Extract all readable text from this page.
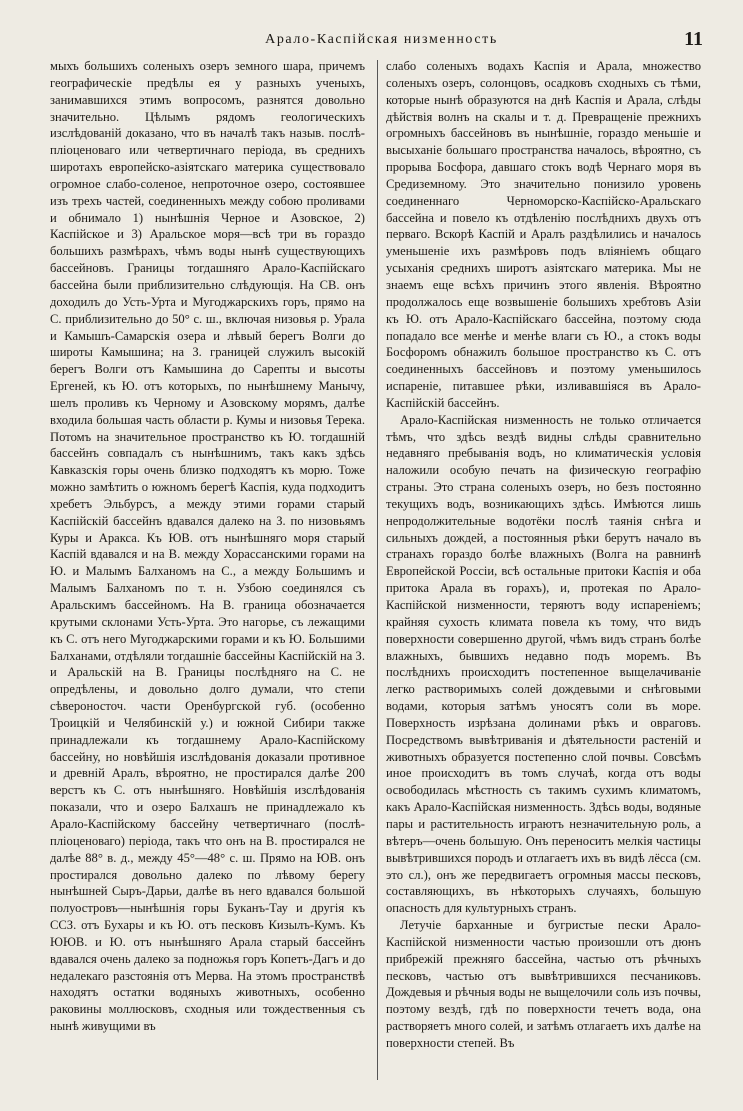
Арало-Каспійская низменность	11

мыхъ большихъ соленыхъ озеръ земного шара, причемъ географическіе предѣлы ея у разныхъ ученыхъ, занимавшихся этимъ вопросомъ, разнятся довольно значительно. Цѣлымъ рядомъ геологическихъ изслѣдованій доказано, что въ началѣ такъ назыв. послѣ-пліоценоваго или четвертичнаго періода, въ среднихъ широтахъ европейско-азіятскаго материка существовало огромное слабо-соленое, непроточное озеро, состоявшее изъ трехъ частей, соединенныхъ между собою проливами и обнимало 1) нынѣшнія Черное и Азовское, 2) Каспійское и 3) Аральское моря—всѣ три въ гораздо большихъ размѣрахъ, чѣмъ воды нынѣ существующихъ бассейновъ. Границы тогдашняго Арало-Каспійскаго бассейна были приблизительно слѣдующія. На СВ. онъ доходилъ до Усть-Урта и Мугоджарскихъ горъ, прямо на С. приблизительно до 50° с. ш., включая низовья р. Урала и Камышъ-Самарскія озера и лѣвый берегъ Волги до широты Камышина; на З. границей служилъ высокій берегъ Волги отъ Камышина до Сарепты и высоты Ергеней, къ Ю. отъ которыхъ, по нынѣшнему Манычу, шелъ проливъ къ Черному и Азовскому морямъ, далѣе входила большая часть области р. Кумы и низовья Терека. Потомъ на значительное пространство къ Ю. тогдашній бассейнъ совпадалъ съ нынѣшнимъ, такъ какъ здѣсь Кавказскія горы очень близко подходятъ къ морю. Тоже можно замѣтить о южномъ берегѣ Каспія, куда подходитъ хребетъ Эльбурсъ, а между этими горами старый Каспійскій бассейнъ вдавался далеко на З. по низовьямъ Куры и Аракса. Къ ЮВ. отъ нынѣшняго моря старый Каспій вдавался и на В. между Хорассанскими горами на Ю. и Малымъ Балханомъ на С., а между Большимъ и Малымъ Балханомъ по т. н. Узбою соединялся съ Аральскимъ бассейномъ. На В. граница обозначается крутыми склонами Усть-Урта. Это нагорье, съ лежащими къ С. отъ него Мугоджарскими горами и къ Ю. Большими Балханами, отдѣляли тогдашніе бассейны Каспійскій на З. и Аральскій на В. Границы послѣдняго на С. не опредѣлены, и довольно долго думали, что степи сѣвероносточ. части Оренбургской губ. (особенно Троицкій и Челябинскій у.) и южной Сибири также принадлежали къ тогдашнему Арало-Каспійскому бассейну, но новѣйшія изслѣдованія доказали противное и древній Аралъ, вѣроятно, не простирался далѣе 200 верстъ къ С. отъ нынѣшняго. Новѣйшія изслѣдованія показали, что и озеро Балхашъ не принадлежало къ Арало-Каспійскому бассейну четвертичнаго (послѣ-пліоценоваго) періода, такъ что онъ на В. простирался не далѣе 88° в. д., между 45°—48° с. ш. Прямо на ЮВ. онъ простирался довольно далеко по лѣвому берегу нынѣшней Сыръ-Дарьи, далѣе въ него вдавался большой полуостровъ—нынѣшнія горы Буканъ-Тау и другія къ ССЗ. отъ Бухары и къ Ю. отъ песковъ Кизылъ-Кумъ. Къ ЮЮВ. и Ю. отъ нынѣшняго Арала старый бассейнъ вдавался очень далеко за подножья горъ Копетъ-Дагъ и до недалекаго разстоянія отъ Мерва. На этомъ пространствѣ находятъ остатки водяныхъ животныхъ, особенно раковины моллюсковъ, сходныя или тождественныя съ нынѣ живущими въ

слабо соленыхъ водахъ Каспія и Арала, множество соленыхъ озеръ, солонцовъ, осадковъ сходныхъ съ тѣми, которые нынѣ образуются на днѣ Каспія и Арала, слѣды дѣйствія волнъ на скалы и т. д. Превращеніе прежнихъ огромныхъ бассейновъ въ нынѣшніе, гораздо меньшіе и высыханіе большаго пространства началось, вѣроятно, съ прорыва Босфора, давшаго стокъ водѣ Чернаго моря въ Средиземному. Это значительно понизило уровень соединеннаго Черноморско-Каспійско-Аральскаго бассейна и повело къ отдѣленію послѣднихъ двухъ отъ перваго. Вскорѣ Каспій и Аралъ раздѣлились и началось уменьшеніе ихъ размѣровъ подъ вліяніемъ общаго усыханія среднихъ широтъ азіятскаго материка. Мы не знаемъ еще всѣхъ причинъ этого явленія. Вѣроятно продолжалось еще возвышеніе большихъ хребтовъ Азіи къ Ю. отъ Арало-Каспійскаго бассейна, поэтому сюда попадало все менѣе и менѣе влаги съ Ю., а стокъ воды Босфоромъ обнажилъ большое пространство къ С. отъ соединенныхъ бассейновъ и поэтому уменьшилось испареніе, питавшее рѣки, изливавшіяся въ Арало-Каспійскій бассейнъ.

Арало-Каспійская низменность не только отличается тѣмъ, что здѣсь вездѣ видны слѣды сравнительно недавняго пребыванія водъ, но климатическія условія наложили особую печать на физическую географію страны. Это страна соленыхъ озеръ, но безъ постоянно текущихъ водъ, возникающихъ здѣсь. Имѣются лишь непродолжительные водотёки послѣ таянія снѣга и сильныхъ дождей, а постоянныя рѣки берутъ начало въ странахъ гораздо болѣе влажныхъ (Волга на равнинѣ Европейской Россіи, всѣ остальные притоки Каспія и оба притока Арала въ горахъ), и, протекая по Арало-Каспійской низменности, теряютъ воду испареніемъ; крайняя сухость климата повела къ тому, что видъ поверхности совершенно другой, чѣмъ видъ странъ болѣе влажныхъ, бывшихъ недавно подъ моремъ. Въ послѣднихъ происходитъ постепенное выщелачиваніе легко растворимыхъ солей дождевыми и снѣговыми водами, которыя затѣмъ уносятъ соли въ море. Поверхность изрѣзана долинами рѣкъ и овраговъ. Посредствомъ вывѣтриванія и дѣятельности растеній и животныхъ образуется постепенно слой почвы. Совсѣмъ иное происходитъ въ томъ случаѣ, когда отъ воды освободилась мѣстность съ такимъ сухимъ климатомъ, какъ Арало-Каспійская низменность. Здѣсь воды, водяные пары и растительность играютъ незначительную роль, а вѣтеръ—очень большую. Онъ переноситъ мелкія частицы вывѣтрившихся породъ и отлагаетъ ихъ въ видѣ лёсса (см. это сл.), онъ же передвигаетъ огромныя массы песковъ, составляющихъ, въ нѣкоторыхъ случаяхъ, большую опасность для культурныхъ странъ.

Летучіе барханные и бугристые пески Арало-Каспійской низменности частью произошли отъ дюнъ прибрежій прежняго бассейна, частью отъ рѣчныхъ песковъ, частью отъ вывѣтрившихся песчаниковъ. Дождевыя и рѣчныя воды не выщелочили соль изъ почвы, поэтому вездѣ, гдѣ по поверхности течетъ вода, она растворяетъ много солей, и затѣмъ отлагаетъ ихъ далѣе на поверхности степей. Въ
